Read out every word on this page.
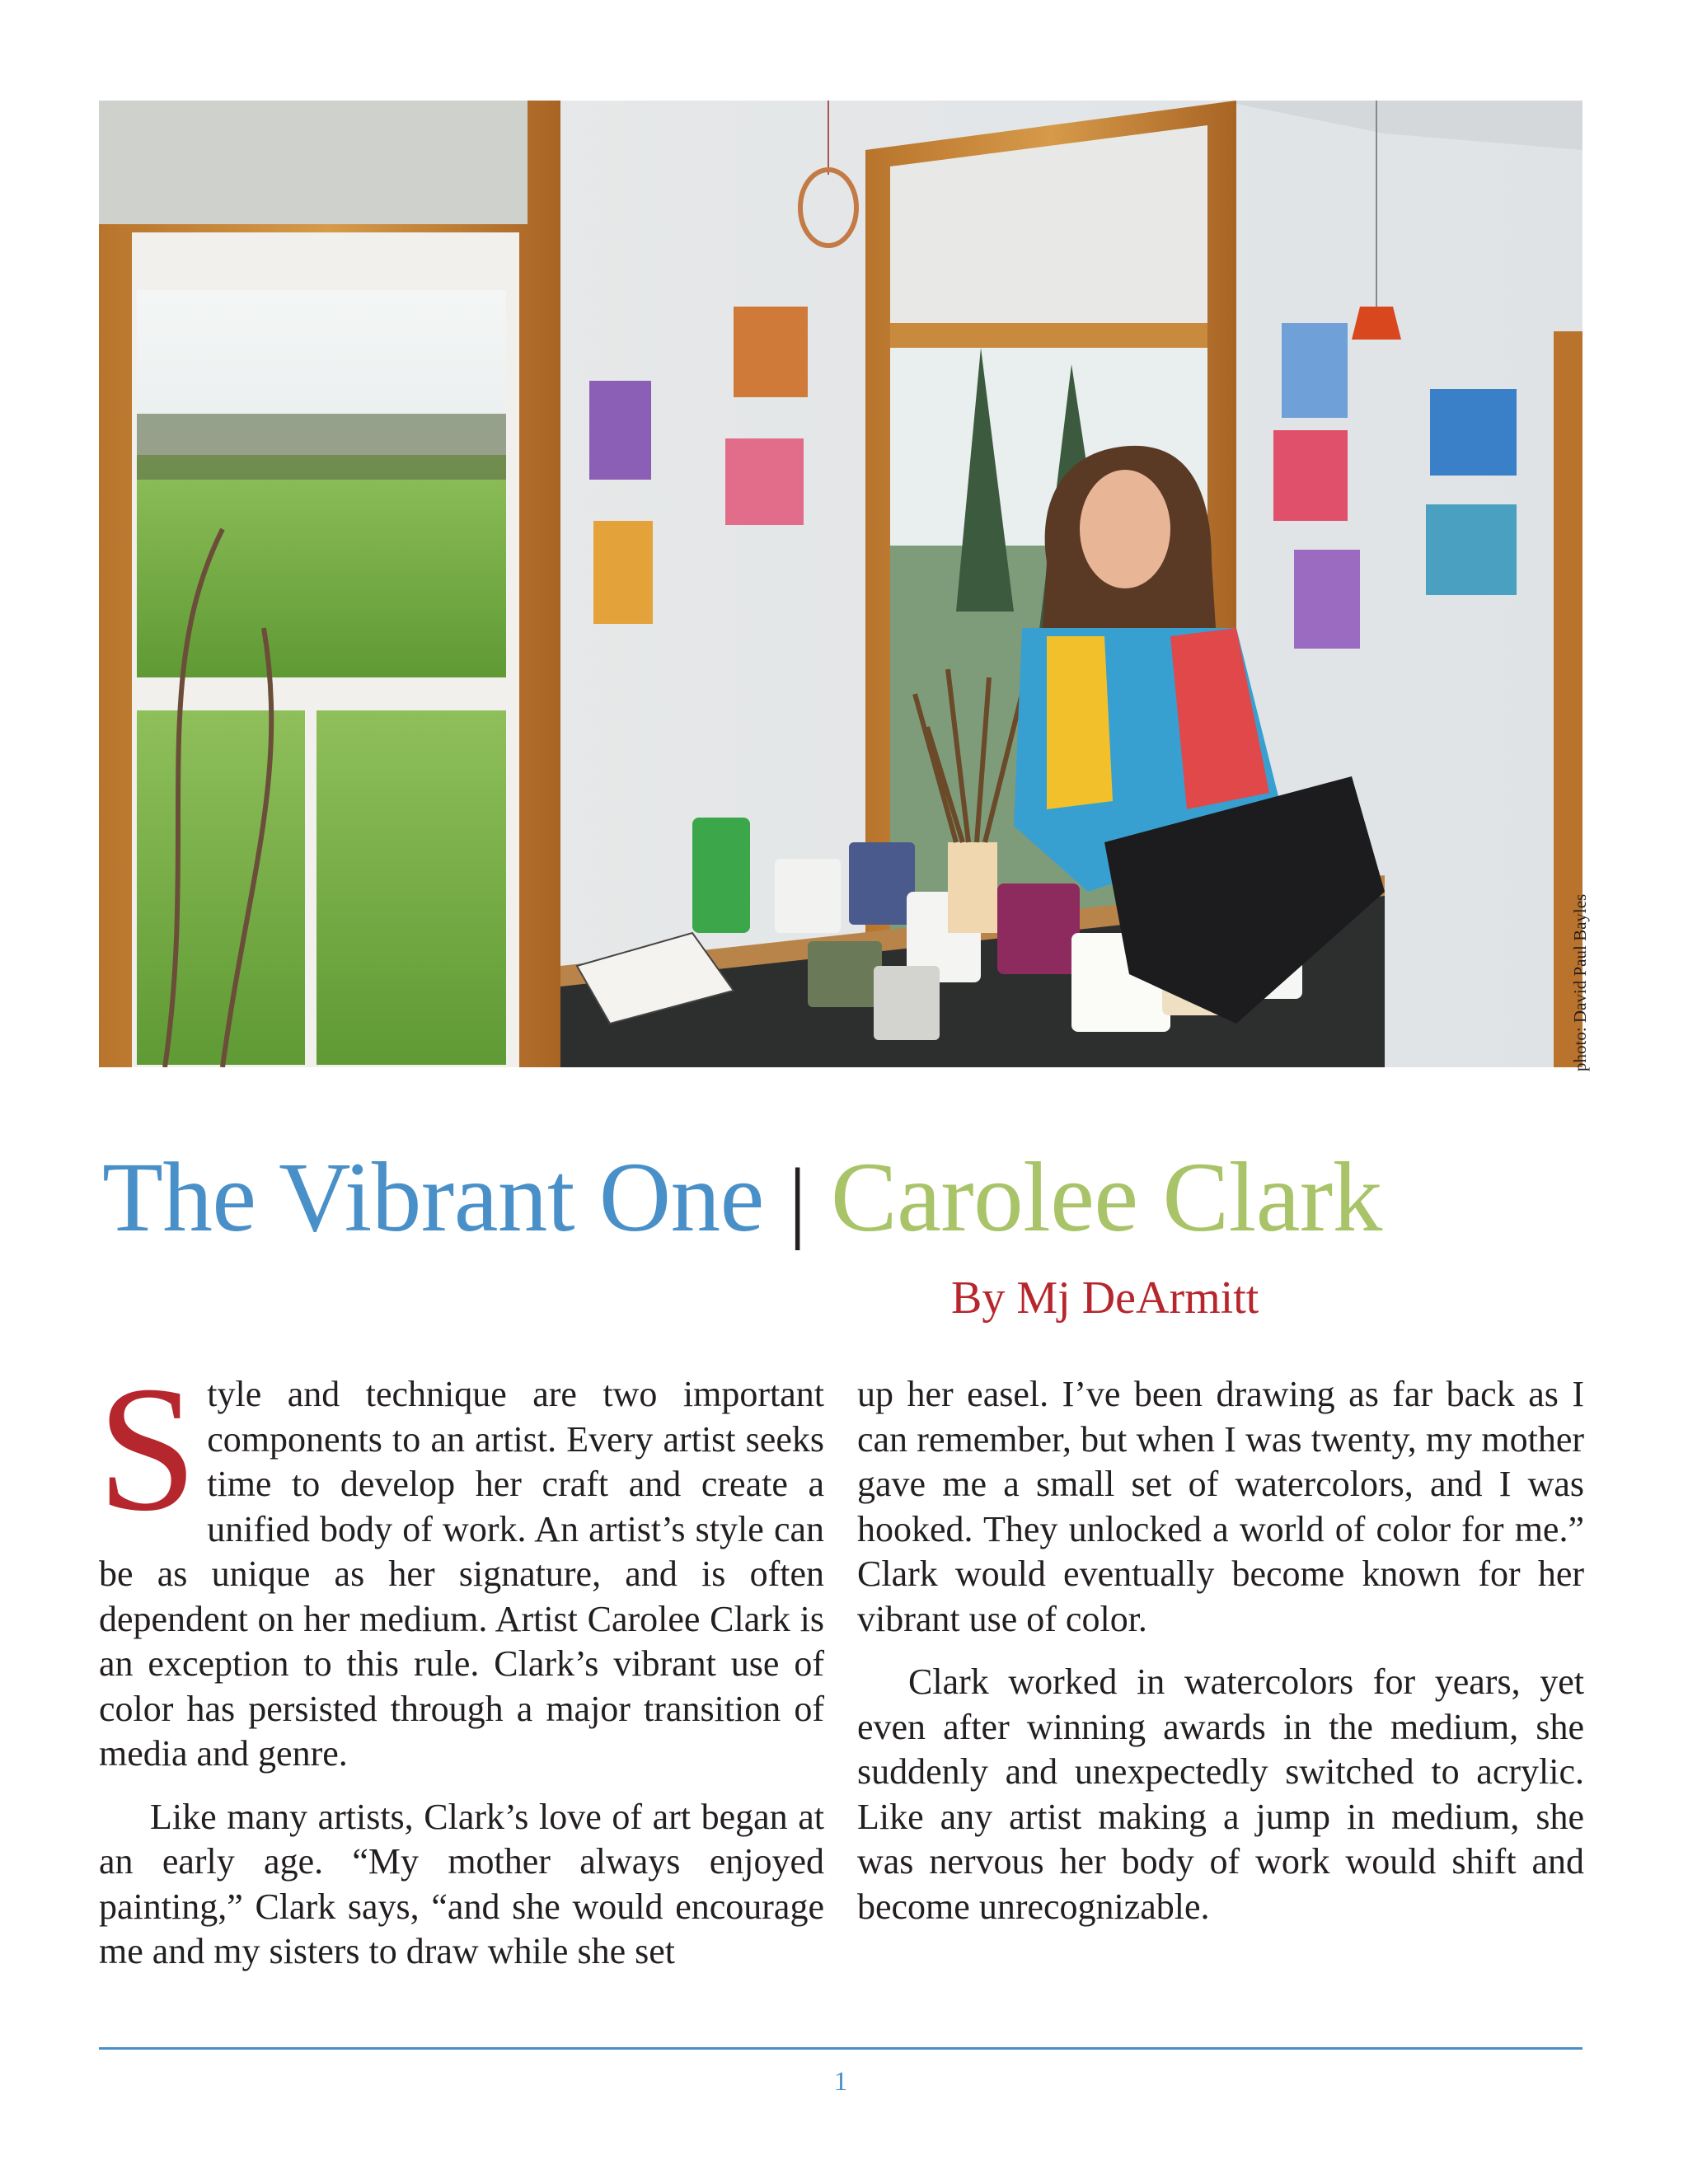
photo: David Paul Bayles
The Vibrant One | Carolee Clark
By Mj DeArmitt

Style and technique are two important components to an artist. Every artist seeks time to develop her craft and create a unified body of work. An artist’s style can be as unique as her signature, and is often dependent on her medium. Artist Carolee Clark is an exception to this rule. Clark’s vibrant use of color has persisted through a major transition of media and genre.

Like many artists, Clark’s love of art began at an early age. “My mother always enjoyed painting,” Clark says, “and she would encourage me and my sisters to draw while she set

up her easel. I’ve been drawing as far back as I can remember, but when I was twenty, my mother gave me a small set of watercolors, and I was hooked. They unlocked a world of color for me.” Clark would eventually become known for her vibrant use of color.

Clark worked in watercolors for years, yet even after winning awards in the medium, she suddenly and unexpectedly switched to acrylic. Like any artist making a jump in medium, she was nervous her body of work would shift and become unrecognizable.

1
